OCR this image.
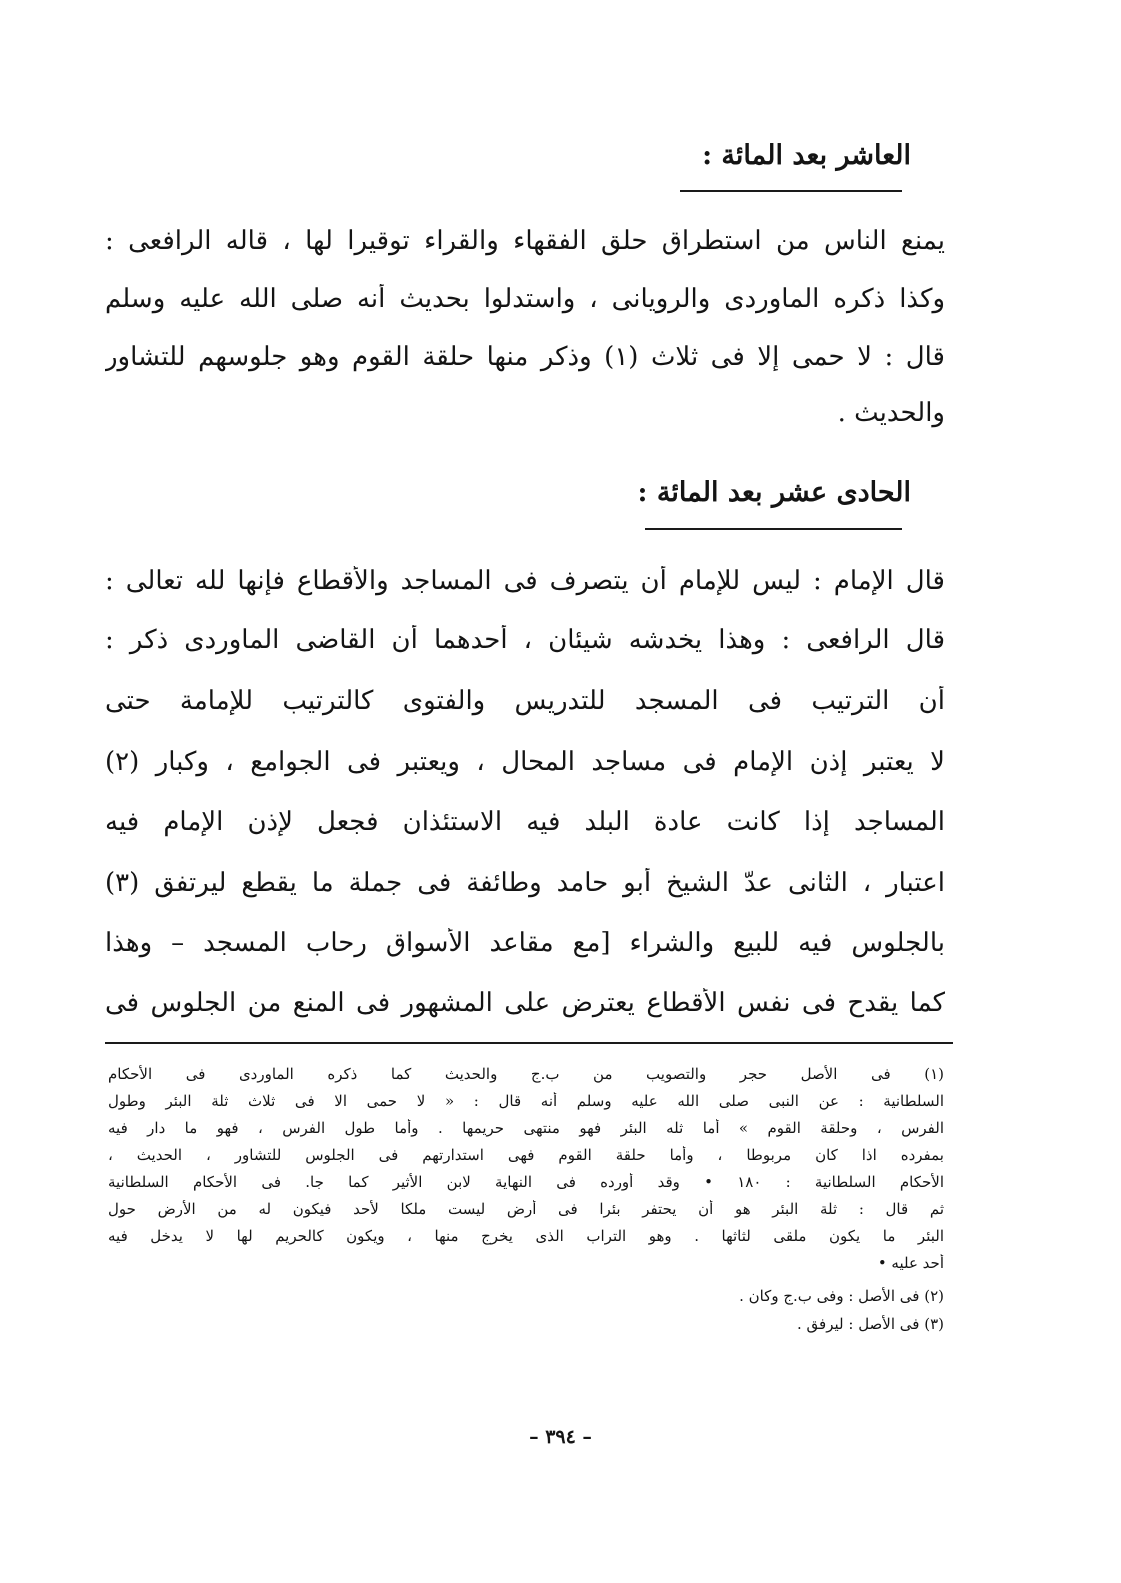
العاشر بعد المائة :
يمنع الناس من استطراق حلق الفقهاء والقراء توقيرا لها ، قاله الرافعى :
وكذا ذكره الماوردى والرويانى ، واستدلوا بحديث أنه صلى الله عليه وسلم
قال : لا حمى إلا فى ثلاث (١) وذكر منها حلقة القوم وهو جلوسهم للتشاور
والحديث .
الحادى عشر بعد المائة :
قال الإمام : ليس للإمام أن يتصرف فى المساجد والأقطاع فإنها لله تعالى :
قال الرافعى : وهذا يخدشه شيئان ، أحدهما أن القاضى الماوردى ذكر :
أن الترتيب فى المسجد للتدريس والفتوى كالترتيب للإمامة حتى
لا يعتبر إذن الإمام فى مساجد المحال ، ويعتبر فى الجوامع ، وكبار (٢)
المساجد إذا كانت عادة البلد فيه الاستئذان فجعل لإذن الإمام فيه
اعتبار ، الثانى عدّ الشيخ أبو حامد وطائفة فى جملة ما يقطع ليرتفق (٣)
بالجلوس فيه للبيع والشراء [مع مقاعد الأسواق رحاب المسجد – وهذا
كما يقدح فى نفس الأقطاع يعترض على المشهور فى المنع من الجلوس فى
(١) فى الأصل حجر والتصويب من ب.ج والحديث كما ذكره الماوردى فى الأحكام
السلطانية : عن النبى صلى الله عليه وسلم أنه قال : « لا حمى الا فى ثلاث ثلة البئر وطول
الفرس ، وحلقة القوم » أما ثله البئر فهو منتهى حريمها . وأما طول الفرس ، فهو ما دار فيه
بمفرده اذا كان مربوطا ، وأما حلقة القوم فهى استدارتهم فى الجلوس للتشاور ، الحديث ،
الأحكام السلطانية : ١٨٠ • وقد أورده فى النهاية لابن الأثير كما جا. فى الأحكام السلطانية
ثم قال : ثلة البئر هو أن يحتفر بئرا فى أرض ليست ملكا لأحد فيكون له من الأرض حول
البئر ما يكون ملقى لثاثها . وهو التراب الذى يخرج منها ، ويكون كالحريم لها لا يدخل فيه
أحد عليه •
(٢) فى الأصل : وفى ب.ج وكان .
(٣) فى الأصل : ليرفق .
– ٣٩٤ –
